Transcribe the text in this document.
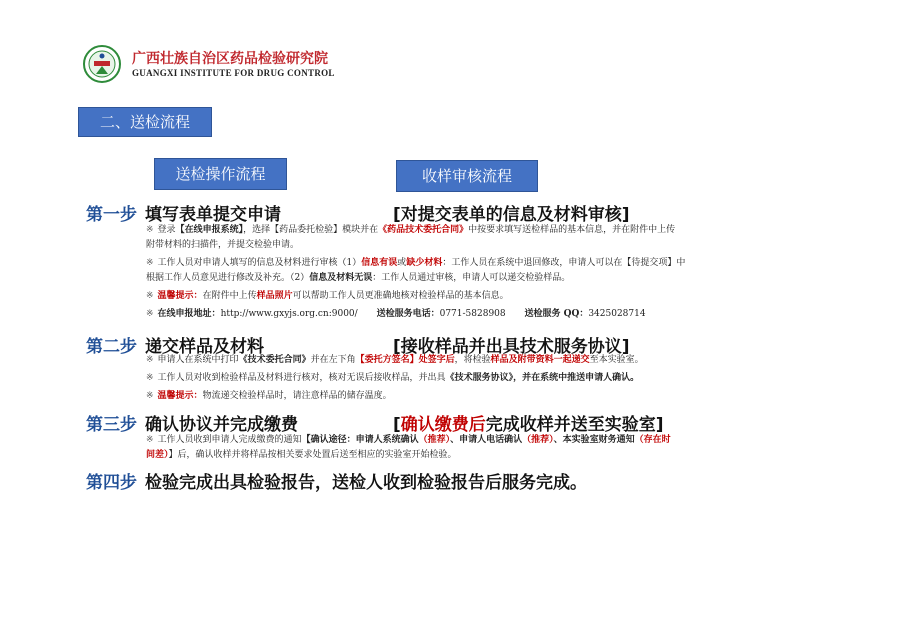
广西壮族自治区药品检验研究院
GUANGXI INSTITUTE FOR DRUG CONTROL
二、送检流程
送检操作流程	收样审核流程
第一步 填写表单提交申请	[对提交表单的信息及材料审核]
※ 登录【在线申报系统】，选择【药品委托检验】模块并在《药品技术委托合同》中按要求填写送检样品的基本信息，并在附件中上传
附带材料的扫描件，并提交检验申请。
※ 工作人员对申请人填写的信息及材料进行审核（1）信息有误或缺少材料：工作人员在系统中退回修改，申请人可以在【待提交项】中
根据工作人员意见进行修改及补充。（2）信息及材料无误：工作人员通过审核，申请人可以递交检验样品。
※ 温馨提示：在附件中上传样品照片可以帮助工作人员更准确地核对检验样品的基本信息。
※ 在线申报地址：http://www.gxyjs.org.cn:9000/ 送检服务电话：0771-5828908 送检服务 QQ：3425028714
第二步 递交样品及材料	[接收样品并出具技术服务协议]
※ 申请人在系统中打印《技术委托合同》并在左下角【委托方签名】处签字后，将检验样品及附带资料一起递交至本实验室。
※ 工作人员对收到检验样品及材料进行核对，核对无误后接收样品，并出具《技术服务协议》，并在系统中推送申请人确认。
※ 温馨提示：物流递交检验样品时，请注意样品的储存温度。
第三步 确认协议并完成缴费	[确认缴费后完成收样并送至实验室]
※ 工作人员收到申请人完成缴费的通知【确认途径：申请人系统确认（推荐）、申请人电话确认（推荐）、本实验室财务通知（存在时
间差）】后，确认收样并将样品按相关要求处置后送至相应的实验室开始检验。
第四步 检验完成出具检验报告，送检人收到检验报告后服务完成。
